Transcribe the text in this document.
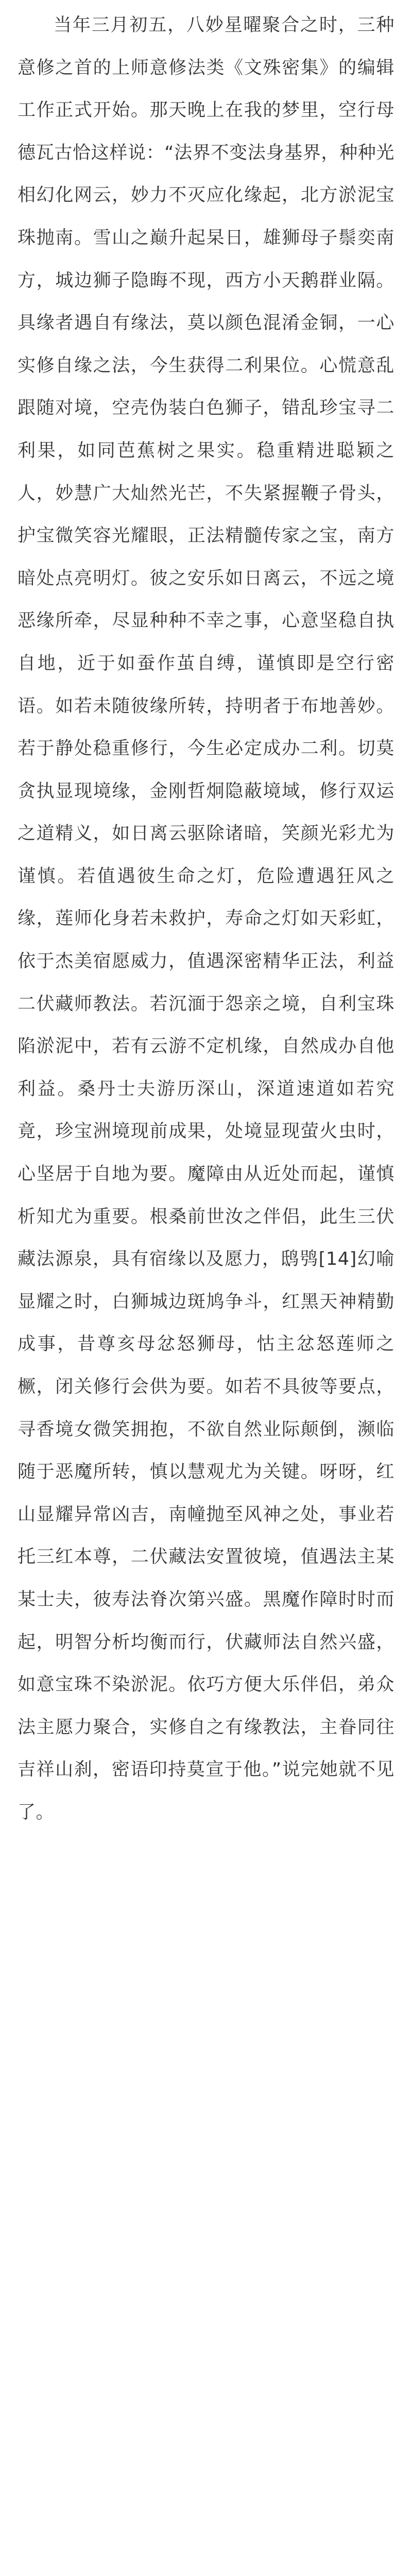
当年三月初五，八妙星曜聚合之时，三种意修之首的上师意修法类《文殊密集》的编辑工作正式开始。那天晚上在我的梦里，空行母德瓦古恰这样说：“法界不变法身基界，种种光相幻化网云，妙力不灭应化缘起，北方淤泥宝珠抛南。雪山之巅升起杲日，雄狮母子鬃奕南方，城边狮子隐晦不现，西方小天鹅群业隔。具缘者遇自有缘法，莫以颜色混淆金铜，一心实修自缘之法，今生获得二利果位。心慌意乱跟随对境，空壳伪装白色狮子，错乱珍宝寻二利果，如同芭蕉树之果实。稳重精进聪颖之人，妙慧广大灿然光芒，不失紧握鞭子骨头，护宝微笑容光耀眼，正法精髓传家之宝，南方暗处点亮明灯。彼之安乐如日离云，不远之境恶缘所牵，尽显种种不幸之事，心意坚稳自执自地，近于如蚕作茧自缚，谨慎即是空行密语。如若未随彼缘所转，持明者于布地善妙。若于静处稳重修行，今生必定成办二利。切莫贪执显现境缘，金刚哲炯隐蔽境域，修行双运之道精义，如日离云驱除诸暗，笑颜光彩尤为谨慎。若值遇彼生命之灯，危险遭遇狂风之缘，莲师化身若未救护，寿命之灯如天彩虹，依于杰美宿愿威力，值遇深密精华正法，利益二伏藏师教法。若沉湎于怨亲之境，自利宝珠陷淤泥中，若有云游不定机缘，自然成办自他利益。桑丹士夫游历深山，深道速道如若究竟，珍宝洲境现前成果，处境显现萤火虫时，心坚居于自地为要。魔障由从近处而起，谨慎析知尤为重要。根桑前世汝之伴侣，此生三伏藏法源泉，具有宿缘以及愿力，鸱鸮[14]幻喻显耀之时，白狮城边斑鸠争斗，红黑天神精勤成事，昔尊亥母忿怒狮母，怙主忿怒莲师之橛，闭关修行会供为要。如若不具彼等要点，寻香境女微笑拥抱，不欲自然业际颠倒，濒临随于恶魔所转，慎以慧观尤为关键。呀呀，红山显耀异常凶吉，南幢抛至风神之处，事业若托三红本尊，二伏藏法安置彼境，值遇法主某某士夫，彼寿法脊次第兴盛。黑魔作障时时而起，明智分析均衡而行，伏藏师法自然兴盛，如意宝珠不染淤泥。依巧方便大乐伴侣，弟众法主愿力聚合，实修自之有缘教法，主眷同往吉祥山刹，密语印持莫宣于他。”说完她就不见了。
